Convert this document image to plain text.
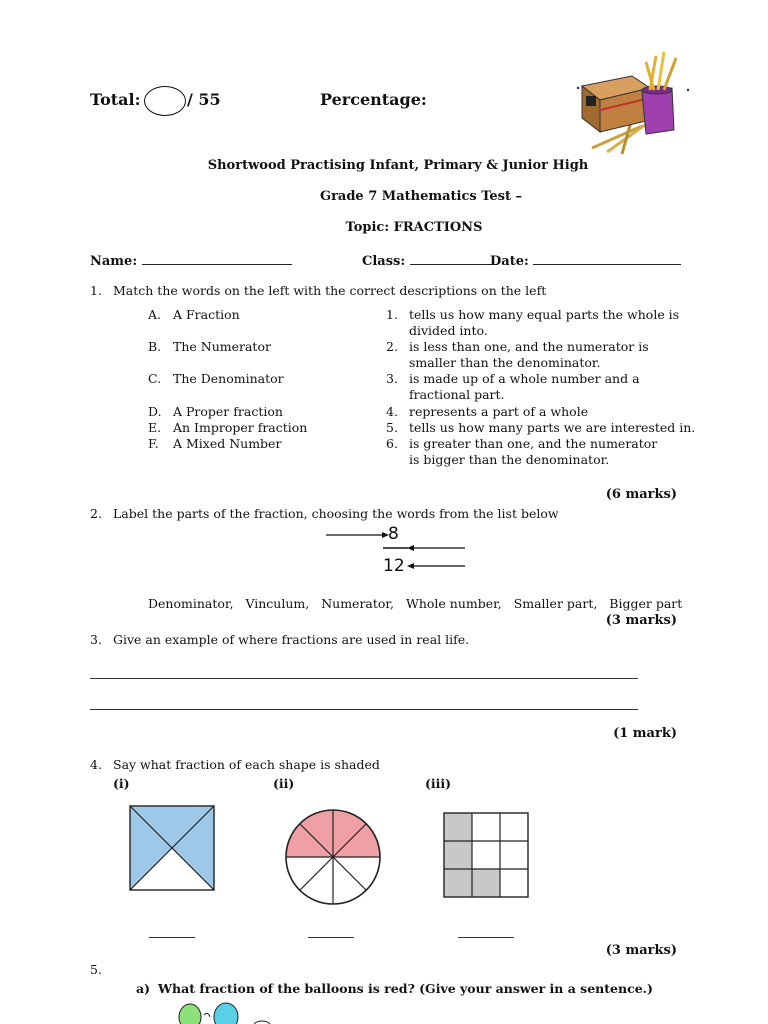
Total:	/ 55	Percentage:
Shortwood Practising Infant, Primary & Junior High
Grade 7 Mathematics Test –
Topic: FRACTIONS
Name:	Class:	Date:
1. Match the words on the left with the correct descriptions on the left
A. A Fraction
B. The Numerator
C. The Denominator
D. A Proper fraction
E. An Improper fraction
F. A Mixed Number
1. tells us how many equal parts the whole is divided into.
2. is less than one, and the numerator is smaller than the denominator.
3. is made up of a whole number and a fractional part.
4. represents a part of a whole
5. tells us how many parts we are interested in.
6. is greater than one, and the numerator is bigger than the denominator.
(6 marks)
2. Label the parts of the fraction, choosing the words from the list below
8
12
Denominator, Vinculum, Numerator, Whole number, Smaller part, Bigger part
(3 marks)
3. Give an example of where fractions are used in real life.
(1 mark)
4. Say what fraction of each shape is shaded
(i)	(ii)	(iii)
(3 marks)
5.
a) What fraction of the balloons is red? (Give your answer in a sentence.)
